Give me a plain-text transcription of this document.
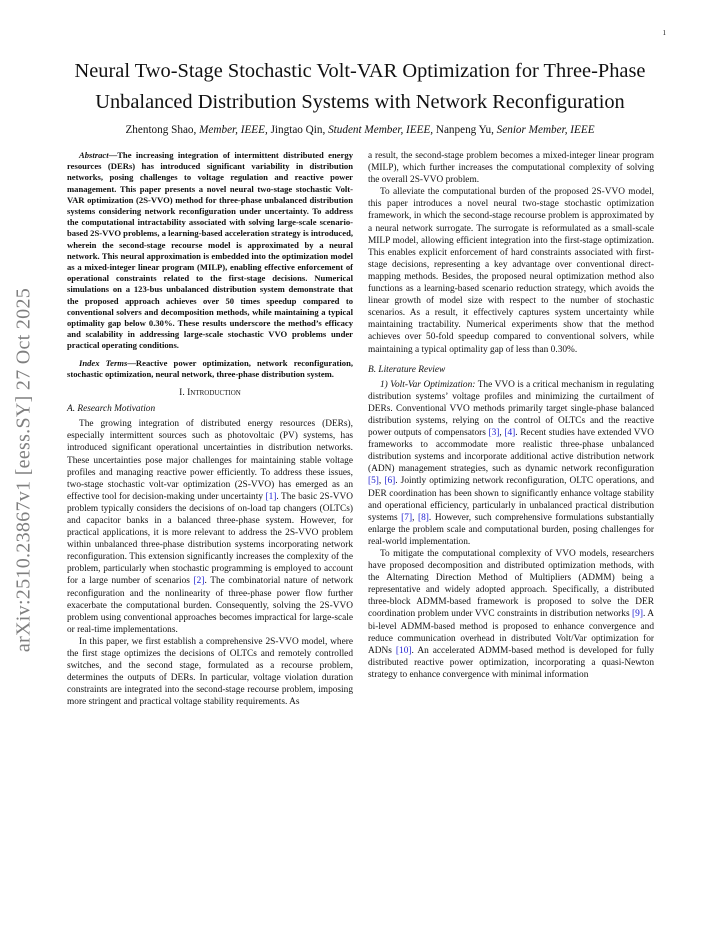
1
arXiv:2510.23867v1 [eess.SY] 27 Oct 2025
Neural Two-Stage Stochastic Volt-VAR Optimization for Three-Phase Unbalanced Distribution Systems with Network Reconfiguration
Zhentong Shao, Member, IEEE, Jingtao Qin, Student Member, IEEE, Nanpeng Yu, Senior Member, IEEE

Abstract—The increasing integration of intermittent distributed energy resources (DERs) has introduced significant variability in distribution networks, posing challenges to voltage regulation and reactive power management. This paper presents a novel neural two-stage stochastic Volt-VAR optimization (2S-VVO) method for three-phase unbalanced distribution systems considering network reconfiguration under uncertainty. To address the computational intractability associated with solving large-scale scenario-based 2S-VVO problems, a learning-based acceleration strategy is introduced, wherein the second-stage recourse model is approximated by a neural network. This neural approximation is embedded into the optimization model as a mixed-integer linear program (MILP), enabling effective enforcement of operational constraints related to the first-stage decisions. Numerical simulations on a 123-bus unbalanced distribution system demonstrate that the proposed approach achieves over 50 times speedup compared to conventional solvers and decomposition methods, while maintaining a typical optimality gap below 0.30%. These results underscore the method’s efficacy and scalability in addressing large-scale stochastic VVO problems under practical operating conditions.

Index Terms—Reactive power optimization, network reconfiguration, stochastic optimization, neural network, three-phase distribution system.

I. Introduction
A. Research Motivation

The growing integration of distributed energy resources (DERs), especially intermittent sources such as photovoltaic (PV) systems, has introduced significant operational uncertainties in distribution networks. These uncertainties pose major challenges for maintaining stable voltage profiles and managing reactive power efficiently. To address these issues, two-stage stochastic volt-var optimization (2S-VVO) has emerged as an effective tool for decision-making under uncertainty [1]. The basic 2S-VVO problem typically considers the decisions of on-load tap changers (OLTCs) and capacitor banks in a balanced three-phase system. However, for practical applications, it is more relevant to address the 2S-VVO problem within unbalanced three-phase distribution systems incorporating network reconfiguration. This extension significantly increases the complexity of the problem, particularly when stochastic programming is employed to account for a large number of scenarios [2]. The combinatorial nature of network reconfiguration and the nonlinearity of three-phase power flow further exacerbate the computational burden. Consequently, solving the 2S-VVO problem using conventional approaches becomes impractical for large-scale or real-time implementations.

In this paper, we first establish a comprehensive 2S-VVO model, where the first stage optimizes the decisions of OLTCs and remotely controlled switches, and the second stage, formulated as a recourse problem, determines the outputs of DERs. In particular, voltage violation duration constraints are integrated into the second-stage recourse problem, imposing more stringent and practical voltage stability requirements. As

a result, the second-stage problem becomes a mixed-integer linear program (MILP), which further increases the computational complexity of solving the overall 2S-VVO problem.

To alleviate the computational burden of the proposed 2S-VVO model, this paper introduces a novel neural two-stage stochastic optimization framework, in which the second-stage recourse problem is approximated by a neural network surrogate. The surrogate is reformulated as a small-scale MILP model, allowing efficient integration into the first-stage optimization. This enables explicit enforcement of hard constraints associated with first-stage decisions, representing a key advantage over conventional direct-mapping methods. Besides, the proposed neural optimization method also functions as a learning-based scenario reduction strategy, which avoids the linear growth of model size with respect to the number of stochastic scenarios. As a result, it effectively captures system uncertainty while maintaining tractability. Numerical experiments show that the method achieves over 50-fold speedup compared to conventional solvers, while maintaining a typical optimality gap of less than 0.30%.

B. Literature Review

1) Volt-Var Optimization: The VVO is a critical mechanism in regulating distribution systems’ voltage profiles and minimizing the curtailment of DERs. Conventional VVO methods primarily target single-phase balanced distribution systems, relying on the control of OLTCs and the reactive power outputs of compensators [3], [4]. Recent studies have extended VVO frameworks to accommodate more realistic three-phase unbalanced distribution systems and incorporate additional active distribution network (ADN) management strategies, such as dynamic network reconfiguration [5], [6]. Jointly optimizing network reconfiguration, OLTC operations, and DER coordination has been shown to significantly enhance voltage stability and operational efficiency, particularly in unbalanced practical distribution systems [7], [8]. However, such comprehensive formulations substantially enlarge the problem scale and computational burden, posing challenges for real-world implementation.

To mitigate the computational complexity of VVO models, researchers have proposed decomposition and distributed optimization methods, with the Alternating Direction Method of Multipliers (ADMM) being a representative and widely adopted approach. Specifically, a distributed three-block ADMM-based framework is proposed to solve the DER coordination problem under VVC constraints in distribution networks [9]. A bi-level ADMM-based method is proposed to enhance convergence and reduce communication overhead in distributed Volt/Var optimization for ADNs [10]. An accelerated ADMM-based method is developed for fully distributed reactive power optimization, incorporating a quasi-Newton strategy to enhance convergence with minimal information
